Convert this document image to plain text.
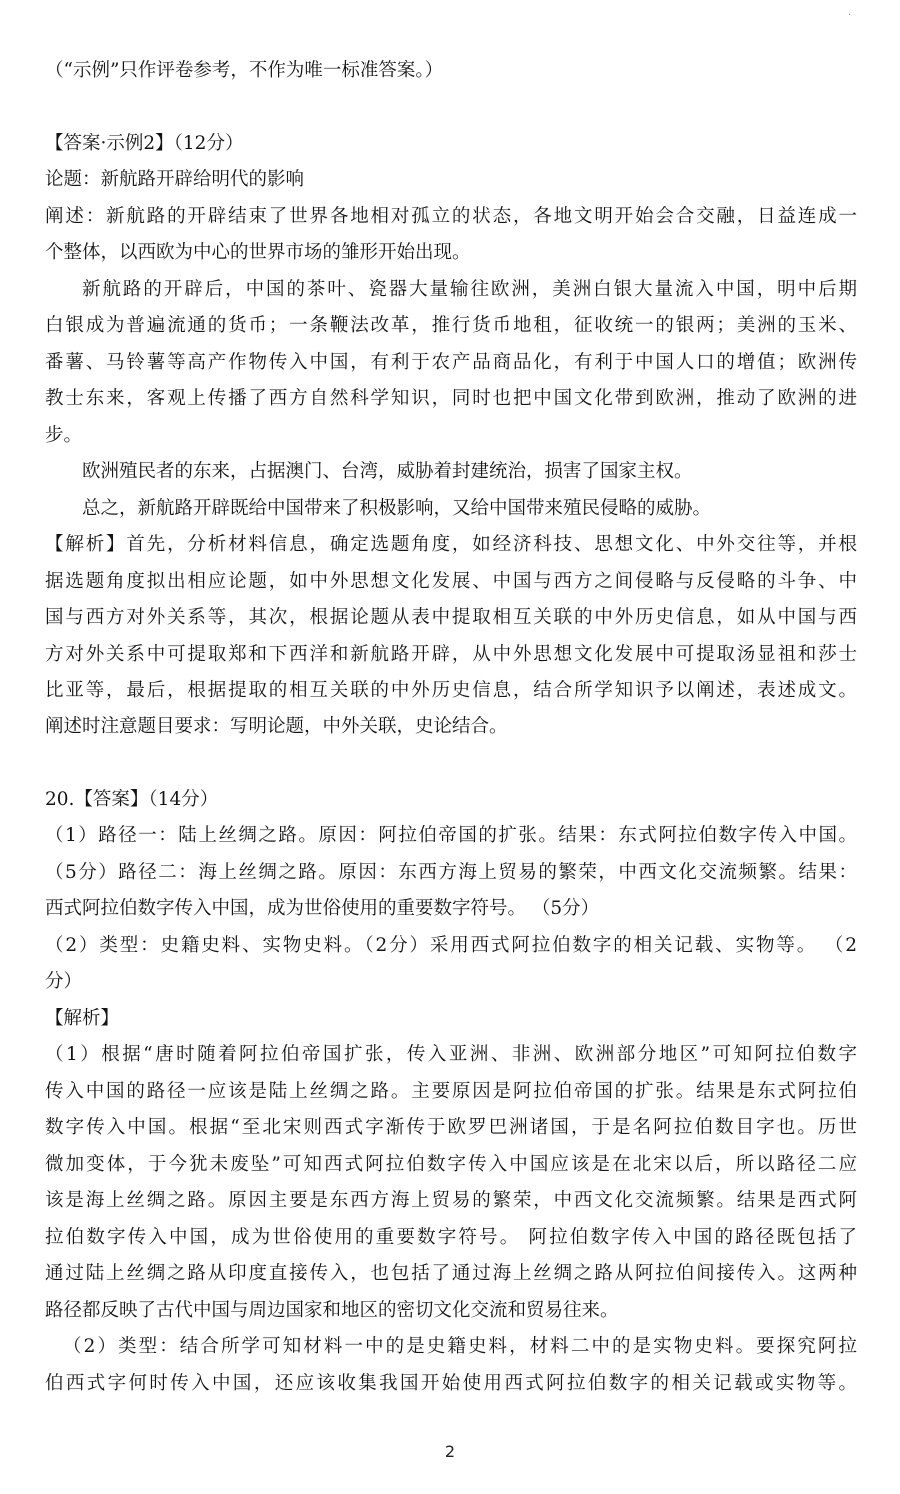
（“示例”只作评卷参考，不作为唯一标准答案。）
【答案·示例2】（12分）
论题：新航路开辟给明代的影响
阐述：新航路的开辟结束了世界各地相对孤立的状态，各地文明开始会合交融，日益连成一
个整体，以西欧为中心的世界市场的雏形开始出现。
新航路的开辟后，中国的茶叶、瓷器大量输往欧洲，美洲白银大量流入中国，明中后期
白银成为普遍流通的货币；一条鞭法改革，推行货币地租，征收统一的银两；美洲的玉米、
番薯、马铃薯等高产作物传入中国，有利于农产品商品化，有利于中国人口的增值；欧洲传
教士东来，客观上传播了西方自然科学知识，同时也把中国文化带到欧洲，推动了欧洲的进
步。
欧洲殖民者的东来，占据澳门、台湾，威胁着封建统治，损害了国家主权。
总之，新航路开辟既给中国带来了积极影响，又给中国带来殖民侵略的威胁。
【解析】首先，分析材料信息，确定选题角度，如经济科技、思想文化、中外交往等，并根
据选题角度拟出相应论题，如中外思想文化发展、中国与西方之间侵略与反侵略的斗争、中
国与西方对外关系等，其次，根据论题从表中提取相互关联的中外历史信息，如从中国与西
方对外关系中可提取郑和下西洋和新航路开辟，从中外思想文化发展中可提取汤显祖和莎士
比亚等，最后，根据提取的相互关联的中外历史信息，结合所学知识予以阐述，表述成文。
阐述时注意题目要求：写明论题，中外关联，史论结合。
20.【答案】（14分）
（1）路径一：陆上丝绸之路。原因：阿拉伯帝国的扩张。结果：东式阿拉伯数字传入中国。
（5分）路径二：海上丝绸之路。原因：东西方海上贸易的繁荣，中西文化交流频繁。结果：
西式阿拉伯数字传入中国，成为世俗使用的重要数字符号。 （5分）
（2）类型：史籍史料、实物史料。（2分）采用西式阿拉伯数字的相关记载、实物等。 （2
分）
【解析】
（1）根据“唐时随着阿拉伯帝国扩张，传入亚洲、非洲、欧洲部分地区”可知阿拉伯数字
传入中国的路径一应该是陆上丝绸之路。主要原因是阿拉伯帝国的扩张。结果是东式阿拉伯
数字传入中国。根据“至北宋则西式字渐传于欧罗巴洲诸国，于是名阿拉伯数目字也。历世
微加变体，于今犹未废坠”可知西式阿拉伯数字传入中国应该是在北宋以后，所以路径二应
该是海上丝绸之路。原因主要是东西方海上贸易的繁荣，中西文化交流频繁。结果是西式阿
拉伯数字传入中国，成为世俗使用的重要数字符号。 阿拉伯数字传入中国的路径既包括了
通过陆上丝绸之路从印度直接传入，也包括了通过海上丝绸之路从阿拉伯间接传入。这两种
路径都反映了古代中国与周边国家和地区的密切文化交流和贸易往来。
（2）类型：结合所学可知材料一中的是史籍史料，材料二中的是实物史料。要探究阿拉
伯西式字何时传入中国，还应该收集我国开始使用西式阿拉伯数字的相关记载或实物等。
·
2
